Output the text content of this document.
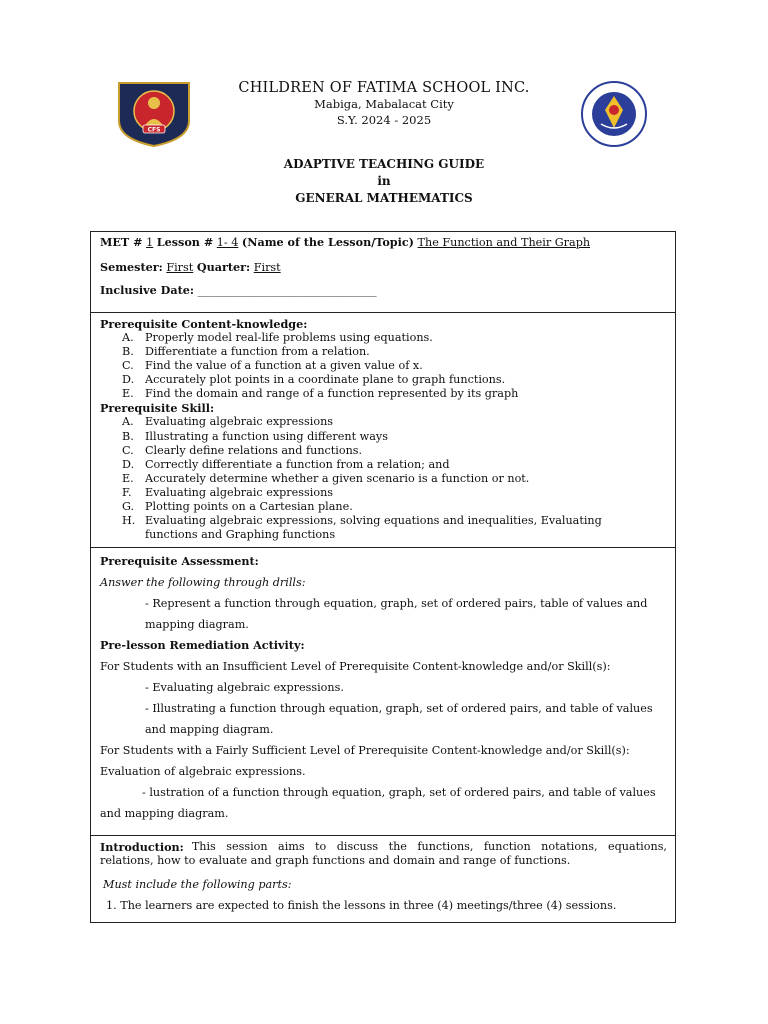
CFS
CHILDREN OF FATIMA SCHOOL INC.
Mabiga, Mabalacat City
S.Y. 2024 - 2025
ADAPTIVE TEACHING GUIDE
in
GENERAL MATHEMATICS
MET # 1 Lesson # 1- 4 (Name of the Lesson/Topic) The Function and Their Graph
Semester: First Quarter: First
Inclusive Date: ________________________________
Prerequisite Content-knowledge:
A. Properly model real-life problems using equations.
B. Differentiate a function from a relation.
C. Find the value of a function at a given value of x.
D. Accurately plot points in a coordinate plane to graph functions.
E. Find the domain and range of a function represented by its graph
Prerequisite Skill:
A. Evaluating algebraic expressions
B. Illustrating a function using different ways
C. Clearly define relations and functions.
D. Correctly differentiate a function from a relation; and
E. Accurately determine whether a given scenario is a function or not.
F. Evaluating algebraic expressions
G. Plotting points on a Cartesian plane.
H. Evaluating algebraic expressions, solving equations and inequalities, Evaluating
functions and Graphing functions
Prerequisite Assessment:
Answer the following through drills:
- Represent a function through equation, graph, set of ordered pairs, table of values and
mapping diagram.
Pre-lesson Remediation Activity:
For Students with an Insufficient Level of Prerequisite Content-knowledge and/or Skill(s):
- Evaluating algebraic expressions.
- Illustrating a function through equation, graph, set of ordered pairs, and table of values
and mapping diagram.
For Students with a Fairly Sufficient Level of Prerequisite Content-knowledge and/or Skill(s):
Evaluation of algebraic expressions.
- lustration of a function through equation, graph, set of ordered pairs, and table of values
and mapping diagram.
Introduction: This session aims to discuss the functions, function notations, equations,
relations, how to evaluate and graph functions and domain and range of functions.
Must include the following parts:
1. The learners are expected to finish the lessons in three (4) meetings/three (4) sessions.
